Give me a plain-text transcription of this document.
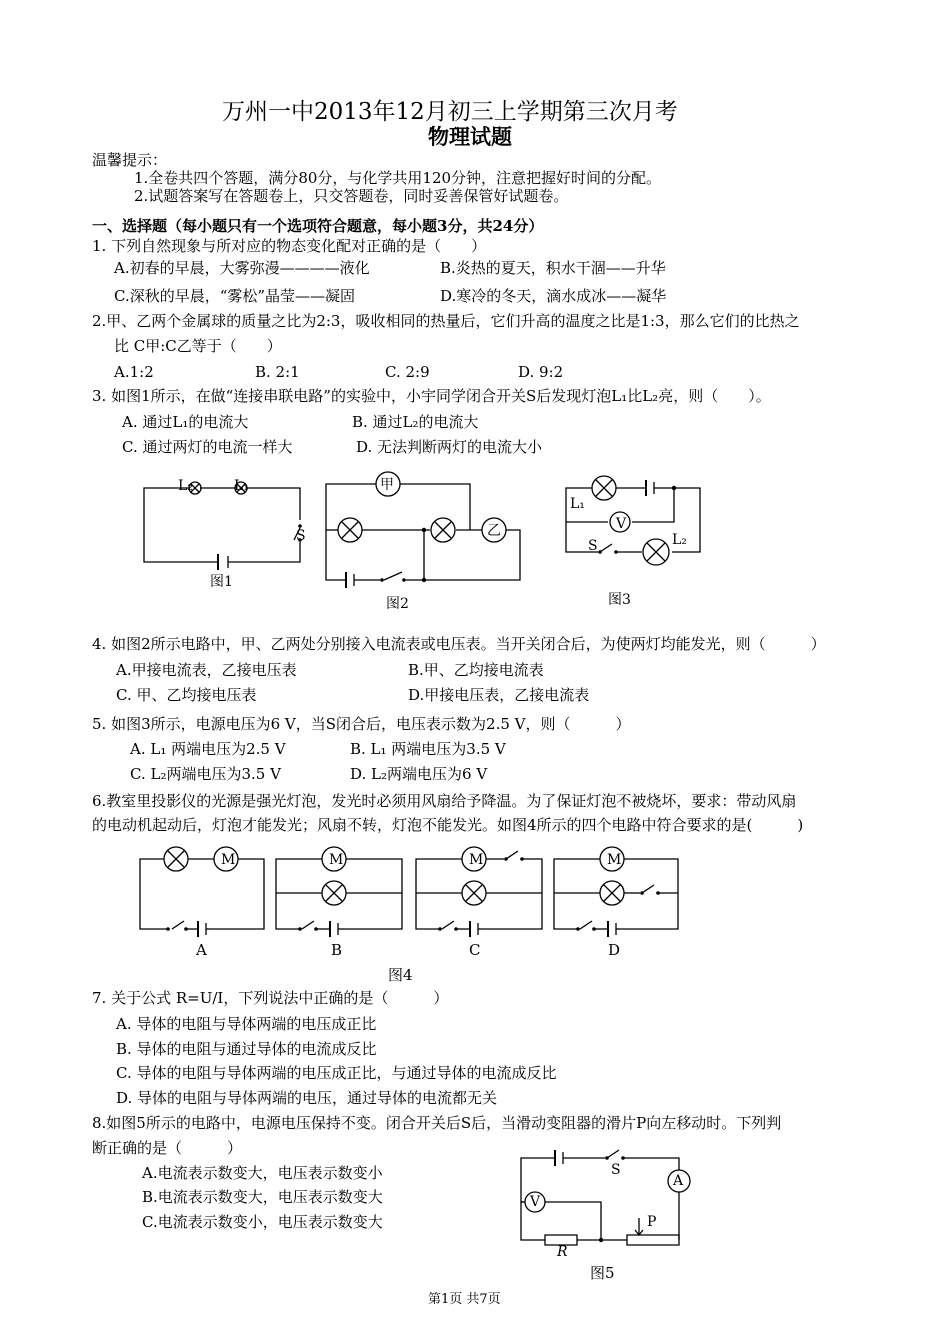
万州一中2013年12月初三上学期第三次月考
物理试题
温馨提示：
1.全卷共四个答题，满分80分，与化学共用120分钟，注意把握好时间的分配。
2.试题答案写在答题卷上，只交答题卷，同时妥善保管好试题卷。
一、选择题（每小题只有一个选项符合题意，每小题3分，共24分）
1. 下列自然现象与所对应的物态变化配对正确的是（　　）
A.初春的早晨，大雾弥漫————液化	B.炎热的夏天，积水干涸——升华
C.深秋的早晨，“雾松”晶莹——凝固	D.寒冷的冬天，滴水成冰——凝华
2.甲、乙两个金属球的质量之比为2:3，吸收相同的热量后，它们升高的温度之比是1:3，那么它们的比热之
比 C甲:C乙等于（　　）
A.1:2	B. 2:1	C. 2:9	D. 9:2
3. 如图1所示，在做“连接串联电路”的实验中，小宇同学闭合开关S后发现灯泡L₁比L₂亮，则（　　）。
A. 通过L₁的电流大	B. 通过L₂的电流大
C. 通过两灯的电流一样大	D. 无法判断两灯的电流大小
L₂	L₁
S
图1
甲
乙
图2
L₁
V
S	L₂
图3
4. 如图2所示电路中，甲、乙两处分别接入电流表或电压表。当开关闭合后，为使两灯均能发光，则（　　　）
A.甲接电流表，乙接电压表	B.甲、乙均接电流表
C. 甲、乙均接电压表	D.甲接电压表，乙接电流表
5. 如图3所示，电源电压为6 V，当S闭合后，电压表示数为2.5 V，则（　　　）
A. L₁ 两端电压为2.5 V	B. L₁ 两端电压为3.5 V
C. L₂两端电压为3.5 V	D. L₂两端电压为6 V
6.教室里投影仪的光源是强光灯泡，发光时必须用风扇给予降温。为了保证灯泡不被烧坏，要求：带动风扇
的电动机起动后，灯泡才能发光；风扇不转，灯泡不能发光。如图4所示的四个电路中符合要求的是(　　　)
M	M	M	M
A	B	C	D
图4
7. 关于公式 R=U/I，下列说法中正确的是（　　　）
A. 导体的电阻与导体两端的电压成正比
B. 导体的电阻与通过导体的电流成反比
C. 导体的电阻与导体两端的电压成正比，与通过导体的电流成反比
D. 导体的电阻与导体两端的电压，通过导体的电流都无关
8.如图5所示的电路中，电源电压保持不变。闭合开关后S后，当滑动变阻器的滑片P向左移动时。下列判
断正确的是（　　　）
A.电流表示数变大，电压表示数变小
B.电流表示数变大，电压表示数变大
C.电流表示数变小，电压表示数变大
S
A
V
P
R
图5
第1页 共7页
